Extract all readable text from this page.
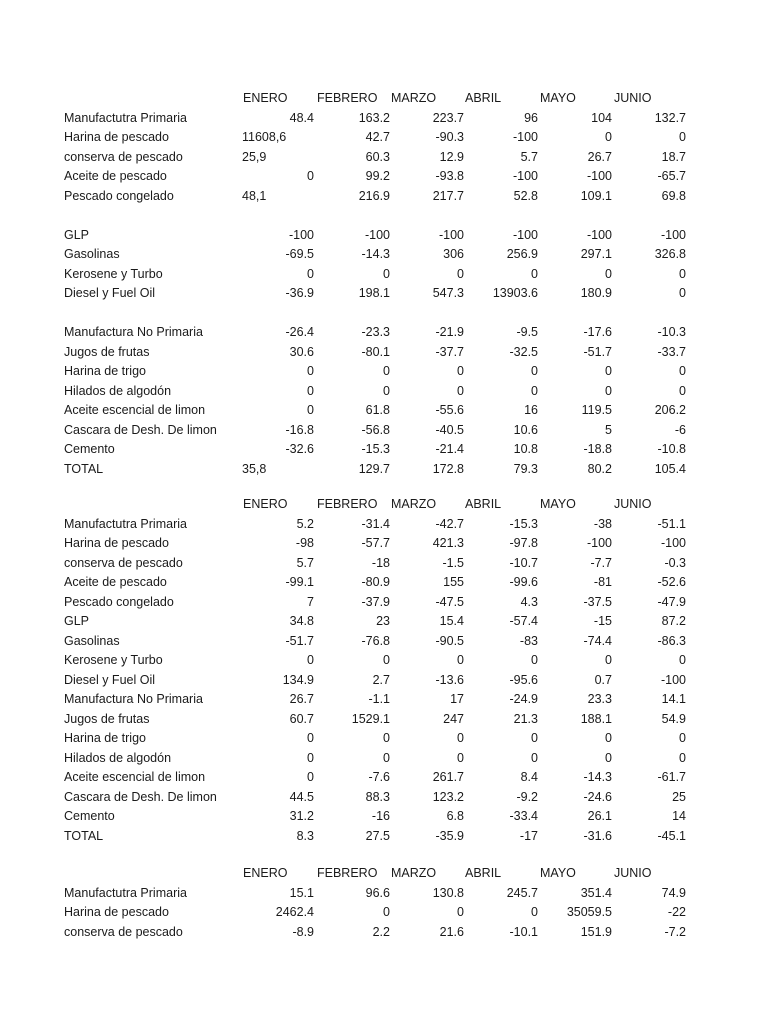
ENERO FEBRERO MARZO ABRIL	MAYO	JUNIO
Manufactutra Primaria	48.4	163.2	223.7	96	104	132.7
Harina de pescado	11608,6	42.7	-90.3	-100	0	0
conserva de pescado	25,9	60.3	12.9	5.7	26.7	18.7
Aceite de pescado	0	99.2	-93.8	-100	-100	-65.7
Pescado congelado	48,1	216.9	217.7	52.8	109.1	69.8
GLP	-100	-100	-100	-100	-100	-100
Gasolinas	-69.5	-14.3	306	256.9	297.1	326.8
Kerosene y Turbo	0	0	0	0	0	0
Diesel y Fuel Oil	-36.9	198.1	547.3	13903.6	180.9	0
Manufactura No Primaria	-26.4	-23.3	-21.9	-9.5	-17.6	-10.3
Jugos de frutas	30.6	-80.1	-37.7	-32.5	-51.7	-33.7
Harina de trigo	0	0	0	0	0	0
Hilados de algodón	0	0	0	0	0	0
Aceite escencial de limon	0	61.8	-55.6	16	119.5	206.2
Cascara de Desh. De limon	-16.8	-56.8	-40.5	10.6	5	-6
Cemento	-32.6	-15.3	-21.4	10.8	-18.8	-10.8
TOTAL	35,8	129.7	172.8	79.3	80.2	105.4
ENERO FEBRERO MARZO ABRIL	MAYO	JUNIO
Manufactutra Primaria	5.2	-31.4	-42.7	-15.3	-38	-51.1
Harina de pescado	-98	-57.7	421.3	-97.8	-100	-100
conserva de pescado	5.7	-18	-1.5	-10.7	-7.7	-0.3
Aceite de pescado	-99.1	-80.9	155	-99.6	-81	-52.6
Pescado congelado	7	-37.9	-47.5	4.3	-37.5	-47.9
GLP	34.8	23	15.4	-57.4	-15	87.2
Gasolinas	-51.7	-76.8	-90.5	-83	-74.4	-86.3
Kerosene y Turbo	0	0	0	0	0	0
Diesel y Fuel Oil	134.9	2.7	-13.6	-95.6	0.7	-100
Manufactura No Primaria	26.7	-1.1	17	-24.9	23.3	14.1
Jugos de frutas	60.7	1529.1	247	21.3	188.1	54.9
Harina de trigo	0	0	0	0	0	0
Hilados de algodón	0	0	0	0	0	0
Aceite escencial de limon	0	-7.6	261.7	8.4	-14.3	-61.7
Cascara de Desh. De limon	44.5	88.3	123.2	-9.2	-24.6	25
Cemento	31.2	-16	6.8	-33.4	26.1	14
TOTAL	8.3	27.5	-35.9	-17	-31.6	-45.1
ENERO FEBRERO MARZO ABRIL	MAYO	JUNIO
Manufactutra Primaria	15.1	96.6	130.8	245.7	351.4	74.9
Harina de pescado	2462.4	0	0	0	35059.5	-22
conserva de pescado	-8.9	2.2	21.6	-10.1	151.9	-7.2
